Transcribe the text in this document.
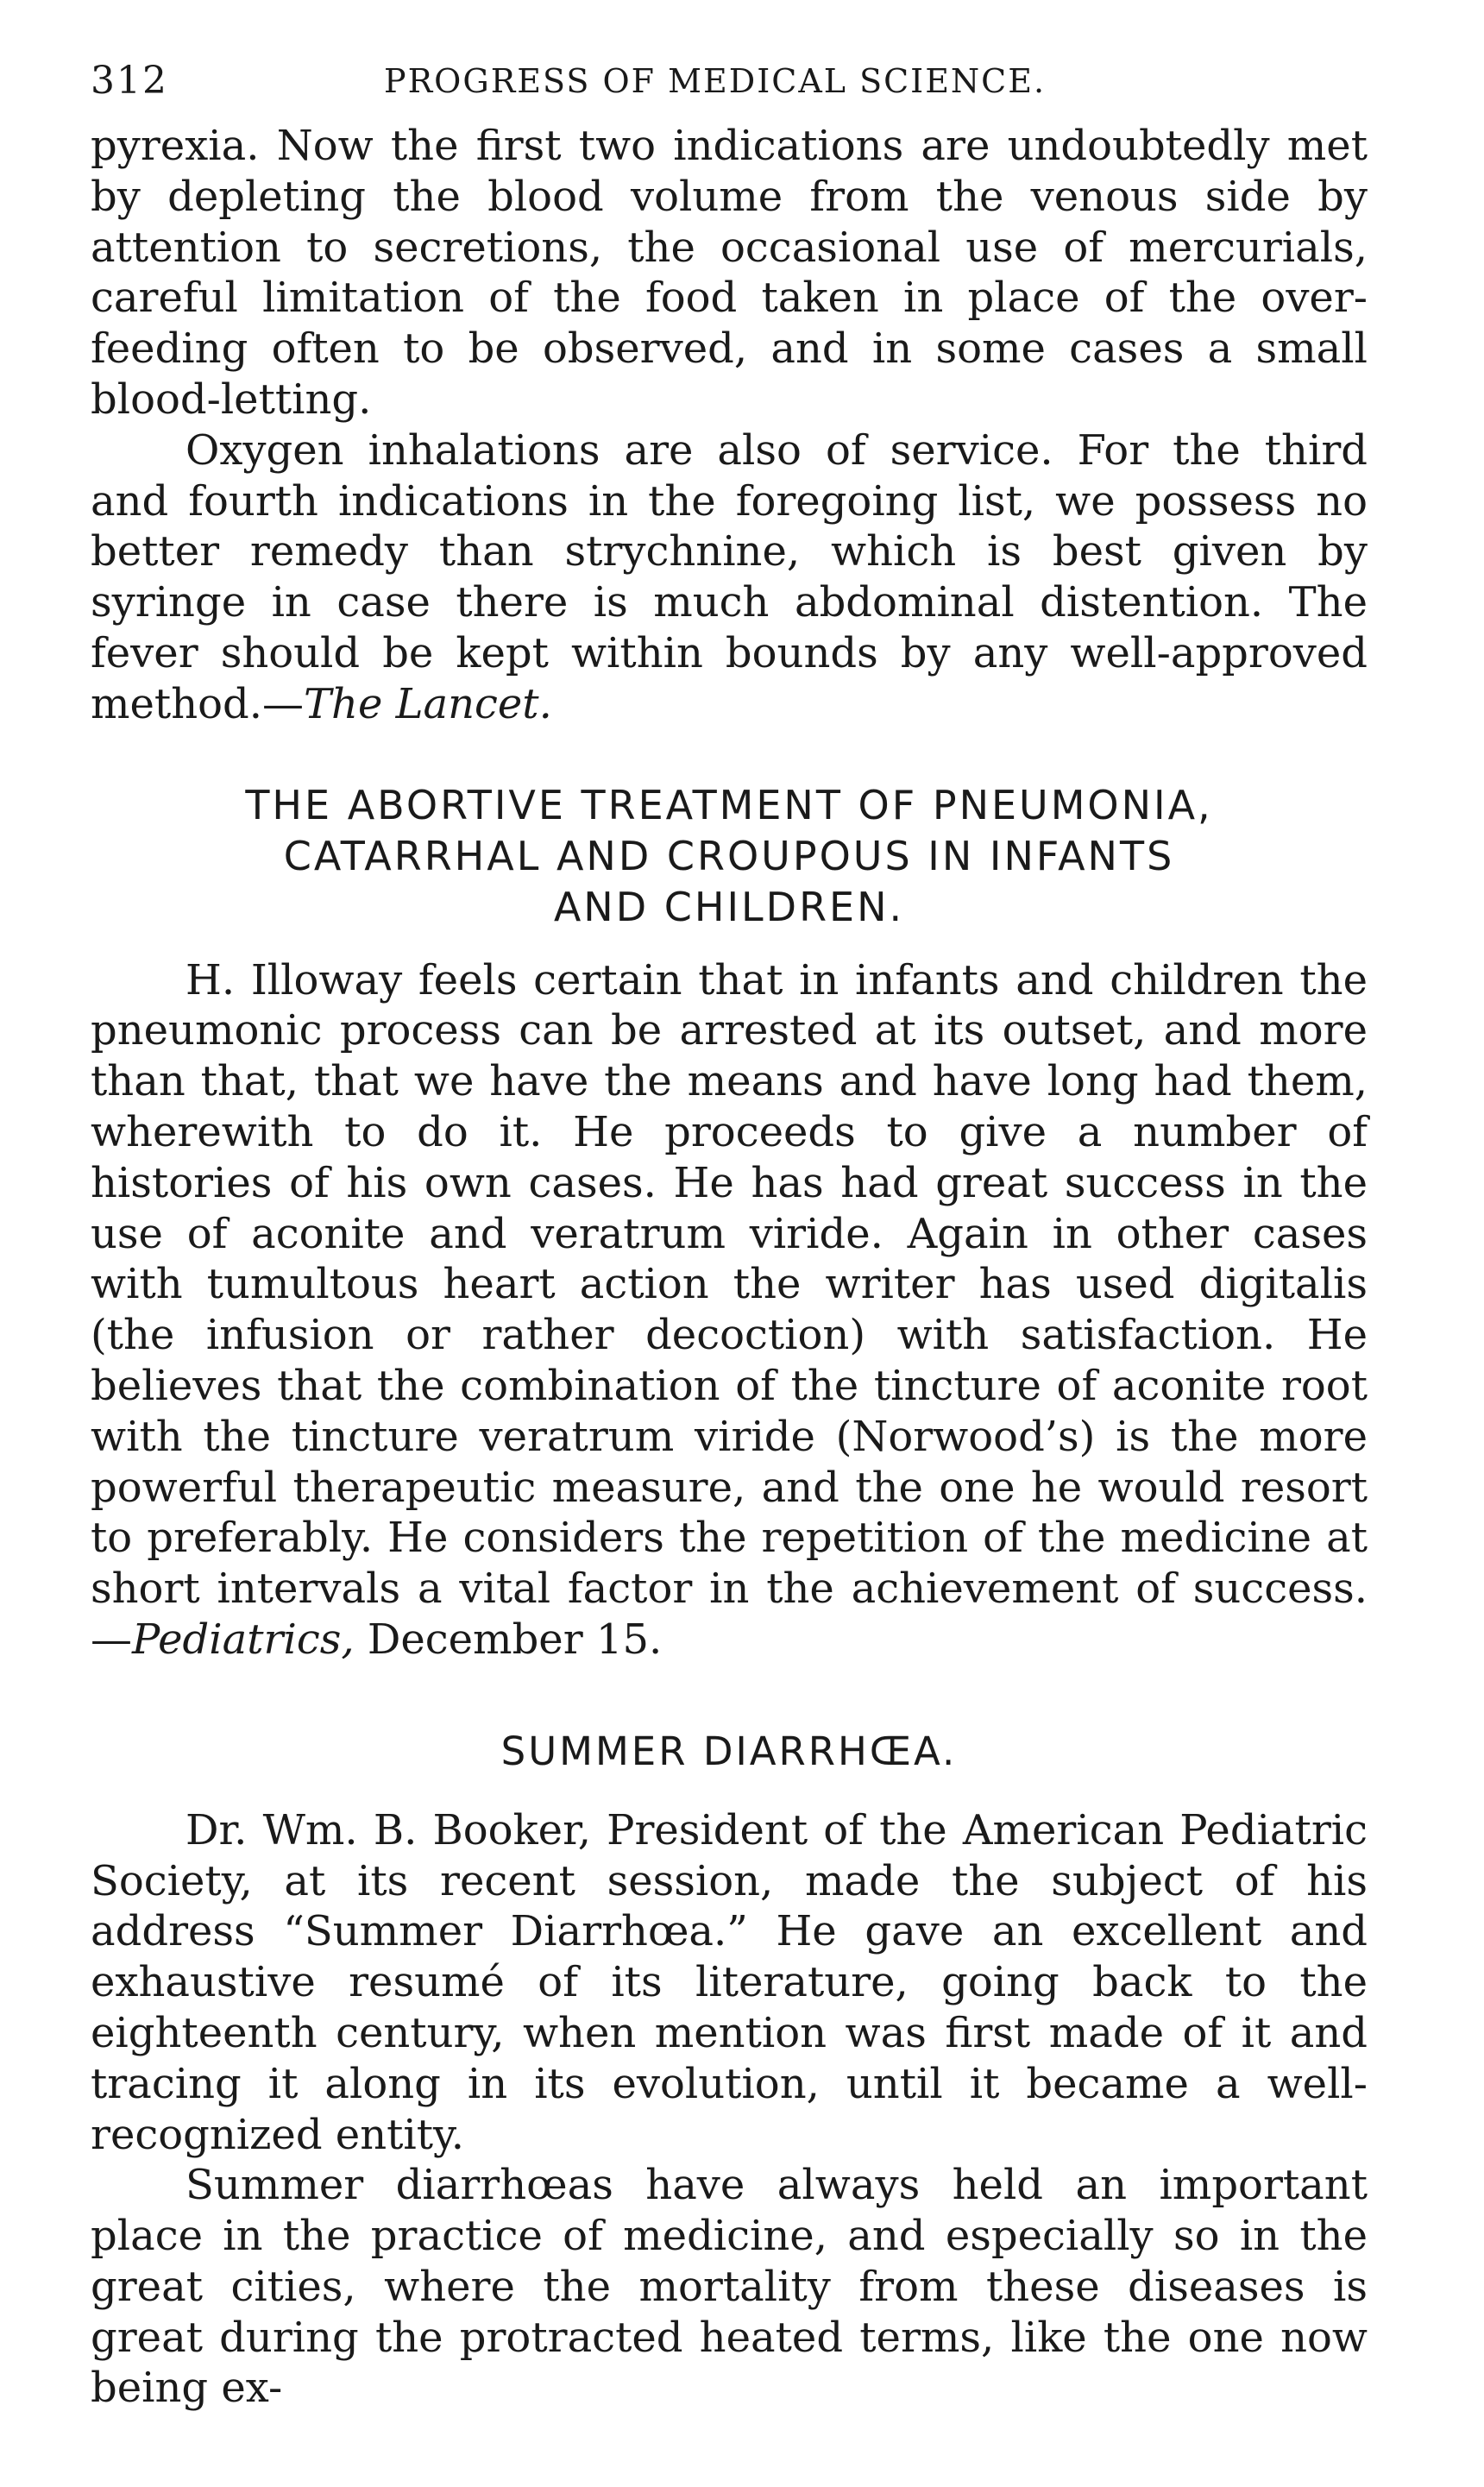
312	PROGRESS OF MEDICAL SCIENCE.

pyrexia. Now the first two indications are undoubtedly met by depleting the blood volume from the venous side by attention to secretions, the occasional use of mercurials, careful limitation of the food taken in place of the over-feeding often to be observed, and in some cases a small blood-letting.

Oxygen inhalations are also of service. For the third and fourth indications in the foregoing list, we possess no better remedy than strychnine, which is best given by syringe in case there is much abdominal distention. The fever should be kept within bounds by any well-approved method.—The Lancet.

THE ABORTIVE TREATMENT OF PNEUMONIA,
CATARRHAL AND CROUPOUS IN INFANTS
AND CHILDREN.

H. Illoway feels certain that in infants and children the pneumonic process can be arrested at its outset, and more than that, that we have the means and have long had them, wherewith to do it. He proceeds to give a number of histories of his own cases. He has had great success in the use of aconite and veratrum viride. Again in other cases with tumultous heart action the writer has used digitalis (the infusion or rather decoction) with satisfaction. He believes that the combination of the tincture of aconite root with the tincture veratrum viride (Norwood’s) is the more powerful therapeutic measure, and the one he would resort to preferably. He considers the repetition of the medicine at short intervals a vital factor in the achievement of success.—Pediatrics, December 15.

SUMMER DIARRHŒA.

Dr. Wm. B. Booker, President of the American Pediatric Society, at its recent session, made the subject of his address “Summer Diarrhœa.” He gave an excellent and exhaustive resumé of its literature, going back to the eighteenth century, when mention was first made of it and tracing it along in its evolution, until it became a well-recognized entity.

Summer diarrhœas have always held an important place in the practice of medicine, and especially so in the great cities, where the mortality from these diseases is great during the protracted heated terms, like the one now being ex-
